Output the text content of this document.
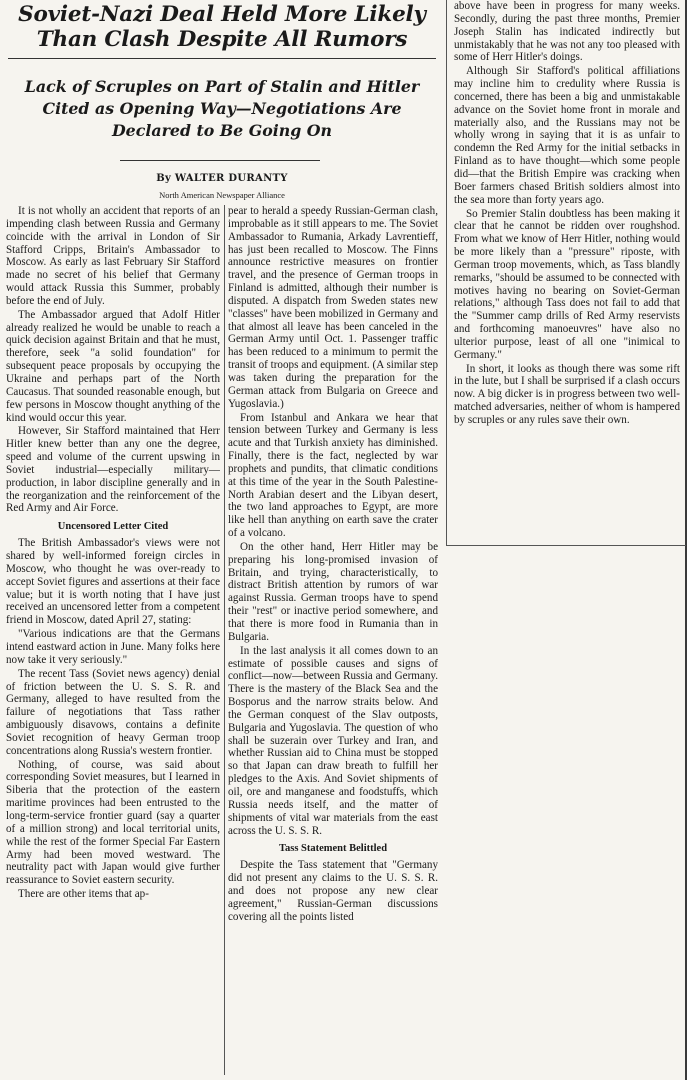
Soviet-Nazi Deal Held More Likely Than Clash Despite All Rumors
Lack of Scruples on Part of Stalin and Hitler Cited as Opening Way—Negotiations Are Declared to Be Going On
By WALTER DURANTY
North American Newspaper Alliance

It is not wholly an accident that reports of an impending clash between Russia and Germany coincide with the arrival in London of Sir Stafford Cripps, Britain's Ambassador to Moscow. As early as last February Sir Stafford made no secret of his belief that Germany would attack Russia this Summer, probably before the end of July.

The Ambassador argued that Adolf Hitler already realized he would be unable to reach a quick decision against Britain and that he must, therefore, seek "a solid foundation" for subsequent peace proposals by occupying the Ukraine and perhaps part of the North Caucasus. That sounded reasonable enough, but few persons in Moscow thought anything of the kind would occur this year.

However, Sir Stafford maintained that Herr Hitler knew better than any one the degree, speed and volume of the current upswing in Soviet industrial—especially military—production, in labor discipline generally and in the reorganization and the reinforcement of the Red Army and Air Force.

Uncensored Letter Cited

The British Ambassador's views were not shared by well-informed foreign circles in Moscow, who thought he was over-ready to accept Soviet figures and assertions at their face value; but it is worth noting that I have just received an uncensored letter from a competent friend in Moscow, dated April 27, stating:

"Various indications are that the Germans intend eastward action in June. Many folks here now take it very seriously."

The recent Tass (Soviet news agency) denial of friction between the U. S. S. R. and Germany, alleged to have resulted from the failure of negotiations that Tass rather ambiguously disavows, contains a definite Soviet recognition of heavy German troop concentrations along Russia's western frontier.

Nothing, of course, was said about corresponding Soviet measures, but I learned in Siberia that the protection of the eastern maritime provinces had been entrusted to the long-term-service frontier guard (say a quarter of a million strong) and local territorial units, while the rest of the former Special Far Eastern Army had been moved westward. The neutrality pact with Japan would give further reassurance to Soviet eastern security.

There are other items that ap-

pear to herald a speedy Russian-German clash, improbable as it still appears to me. The Soviet Ambassador to Rumania, Arkady Lavrentieff, has just been recalled to Moscow. The Finns announce restrictive measures on frontier travel, and the presence of German troops in Finland is admitted, although their number is disputed. A dispatch from Sweden states new "classes" have been mobilized in Germany and that almost all leave has been canceled in the German Army until Oct. 1. Passenger traffic has been reduced to a minimum to permit the transit of troops and equipment. (A similar step was taken during the preparation for the German attack from Bulgaria on Greece and Yugoslavia.)

From Istanbul and Ankara we hear that tension between Turkey and Germany is less acute and that Turkish anxiety has diminished. Finally, there is the fact, neglected by war prophets and pundits, that climatic conditions at this time of the year in the South Palestine-North Arabian desert and the Libyan desert, the two land approaches to Egypt, are more like hell than anything on earth save the crater of a volcano.

On the other hand, Herr Hitler may be preparing his long-promised invasion of Britain, and trying, characteristically, to distract British attention by rumors of war against Russia. German troops have to spend their "rest" or inactive period somewhere, and that there is more food in Rumania than in Bulgaria.

In the last analysis it all comes down to an estimate of possible causes and signs of conflict—now—between Russia and Germany. There is the mastery of the Black Sea and the Bosporus and the narrow straits below. And the German conquest of the Slav outposts, Bulgaria and Yugoslavia. The question of who shall be suzerain over Turkey and Iran, and whether Russian aid to China must be stopped so that Japan can draw breath to fulfill her pledges to the Axis. And Soviet shipments of oil, ore and manganese and foodstuffs, which Russia needs itself, and the matter of shipments of vital war materials from the east across the U. S. S. R.

Tass Statement Belittled

Despite the Tass statement that "Germany did not present any claims to the U. S. S. R. and does not propose any new clear agreement," Russian-German discussions covering all the points listed

above have been in progress for many weeks. Secondly, during the past three months, Premier Joseph Stalin has indicated indirectly but unmistakably that he was not any too pleased with some of Herr Hitler's doings.

Although Sir Stafford's political affiliations may incline him to credulity where Russia is concerned, there has been a big and unmistakable advance on the Soviet home front in morale and materially also, and the Russians may not be wholly wrong in saying that it is as unfair to condemn the Red Army for the initial setbacks in Finland as to have thought—which some people did—that the British Empire was cracking when Boer farmers chased British soldiers almost into the sea more than forty years ago.

So Premier Stalin doubtless has been making it clear that he cannot be ridden over roughshod. From what we know of Herr Hitler, nothing would be more likely than a "pressure" riposte, with German troop movements, which, as Tass blandly remarks, "should be assumed to be connected with motives having no bearing on Soviet-German relations," although Tass does not fail to add that the "Summer camp drills of Red Army reservists and forthcoming manoeuvres" have also no ulterior purpose, least of all one "inimical to Germany."

In short, it looks as though there was some rift in the lute, but I shall be surprised if a clash occurs now. A big dicker is in progress between two well-matched adversaries, neither of whom is hampered by scruples or any rules save their own.
